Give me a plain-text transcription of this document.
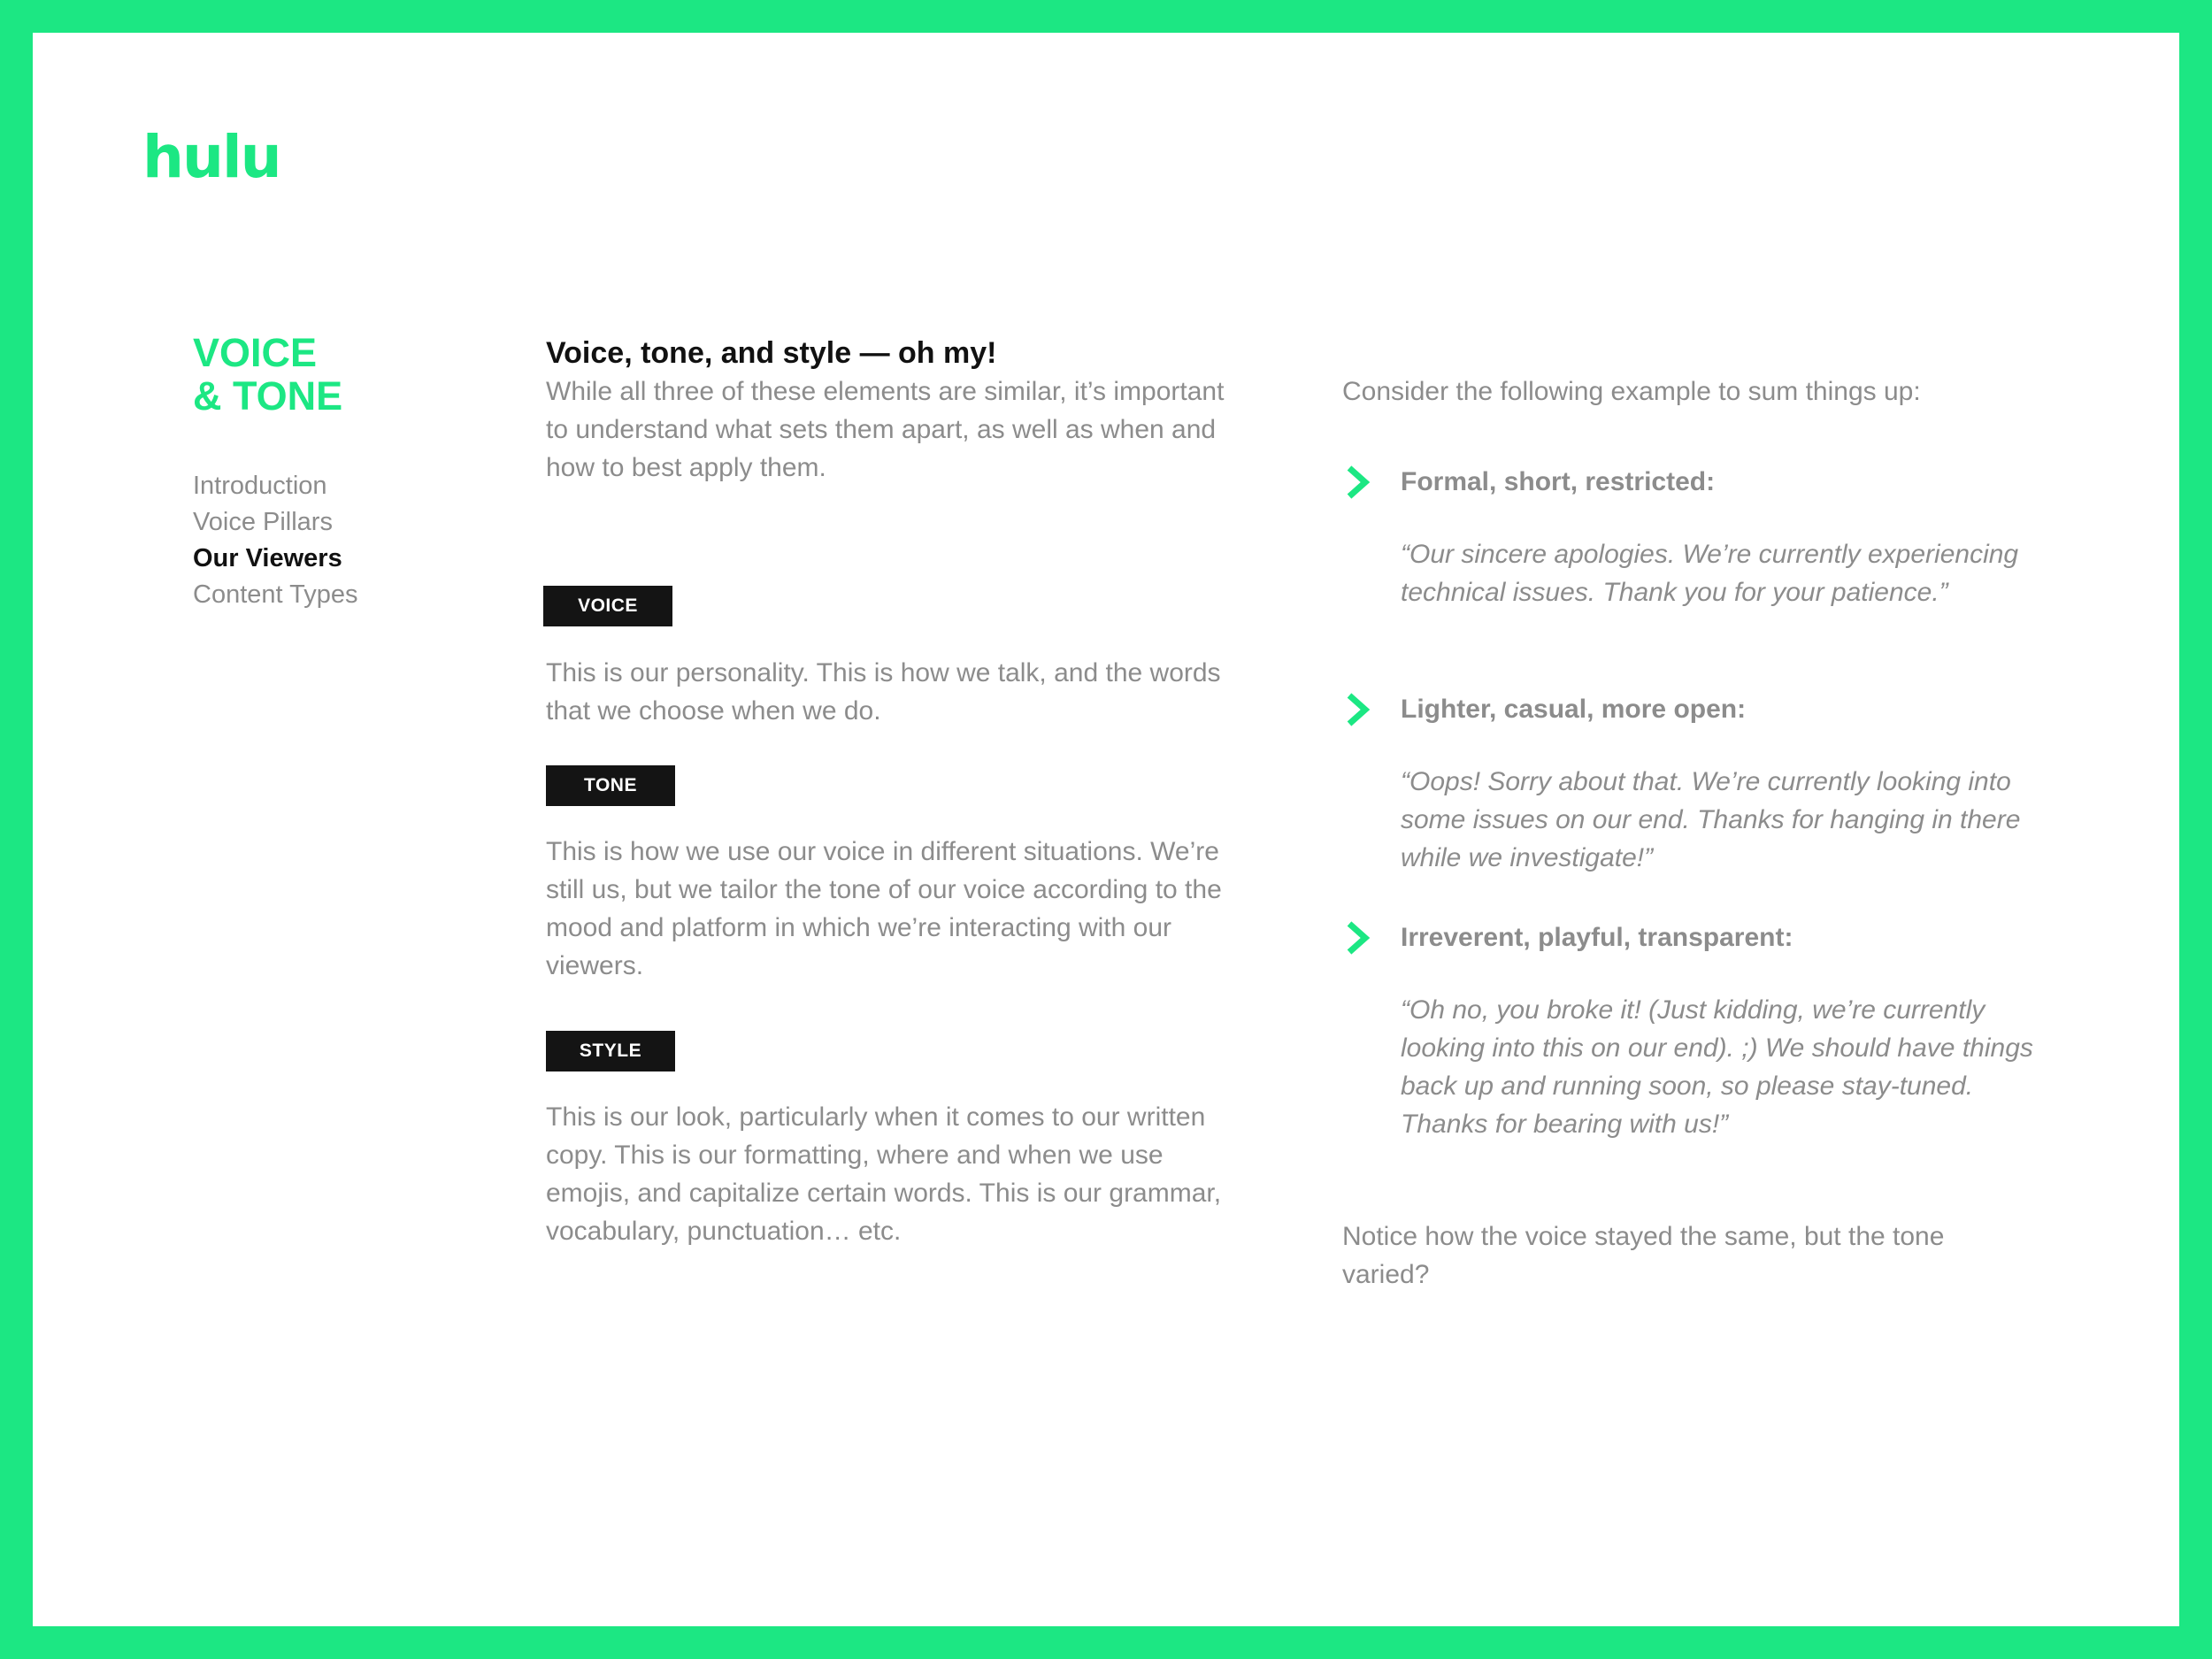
hulu
VOICE
& TONE
Introduction
Voice Pillars
Our Viewers
Content Types
Voice, tone, and style — oh my!

While all three of these elements are similar, it’s important to understand what sets them apart, as well as when and how to best apply them.

VOICE

This is our personality. This is how we talk, and the words that we choose when we do.

TONE

This is how we use our voice in different situations. We’re still us, but we tailor the tone of our voice according to the mood and platform in which we’re interacting with our viewers.

STYLE

This is our look, particularly when it comes to our written copy. This is our formatting, where and when we use emojis, and capitalize certain words. This is our grammar, vocabulary, punctuation… etc.

Consider the following example to sum things up:

Formal, short, restricted:

“Our sincere apologies. We’re currently experiencing technical issues. Thank you for your patience.”

Lighter, casual, more open:

“Oops! Sorry about that. We’re currently looking into some issues on our end. Thanks for hanging in there while we investigate!”

Irreverent, playful, transparent:

“Oh no, you broke it! (Just kidding, we’re currently looking into this on our end). ;) We should have things back up and running soon, so please stay-tuned. Thanks for bearing with us!”

Notice how the voice stayed the same, but the tone varied?
